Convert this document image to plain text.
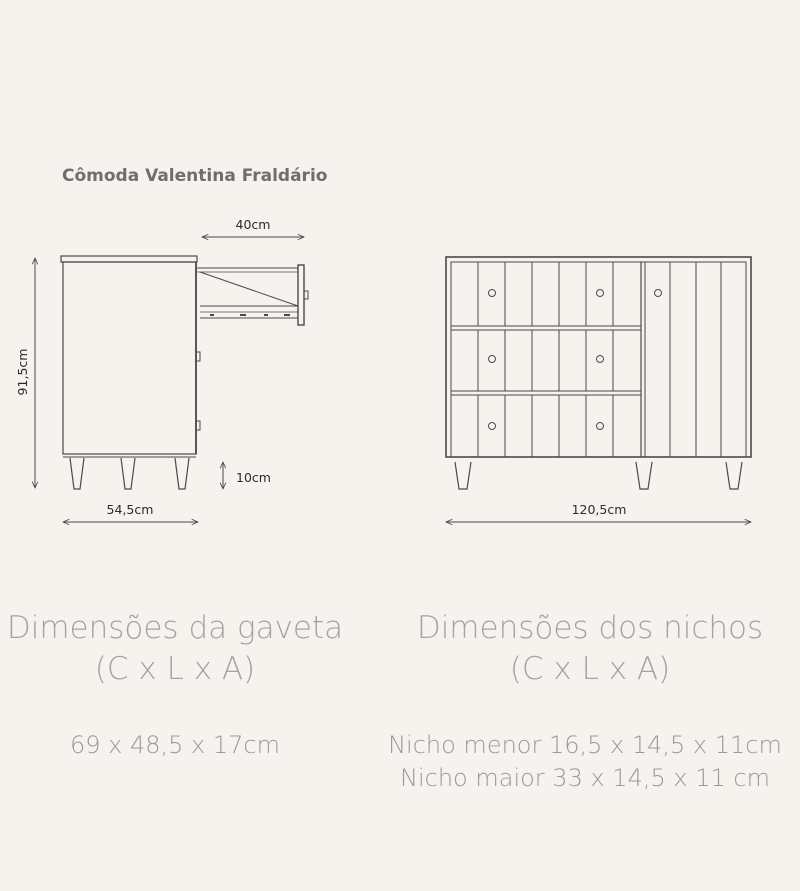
Cômoda Valentina Fraldário
40cm
91,5cm
10cm
54,5cm	120,5cm
Dimensões da gaveta
(C x L x A)
69 x 48,5 x 17cm
Dimensões dos nichos
(C x L x A)
Nicho menor 16,5 x 14,5 x 11cm
Nicho maior 33 x 14,5 x 11 cm
